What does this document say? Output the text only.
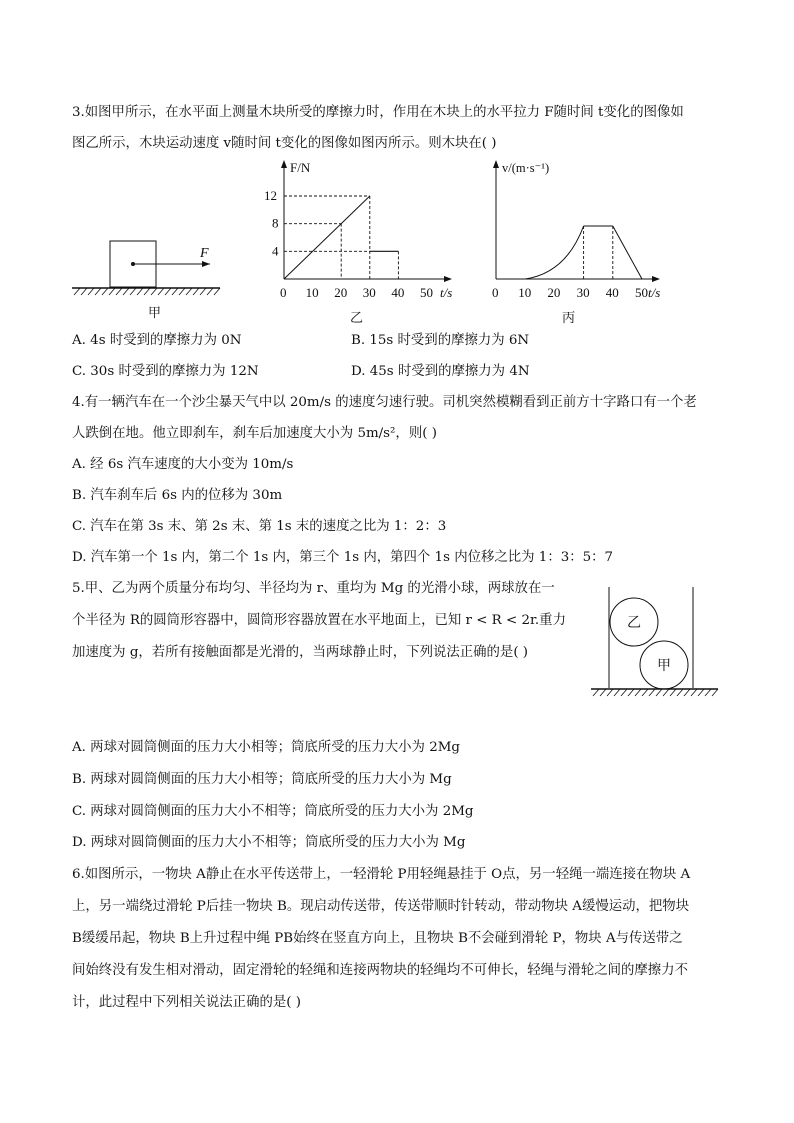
3.如图甲所示，在水平面上测量木块所受的摩擦力时，作用在木块上的水平拉力 F随时间 t变化的图像如
图乙所示，木块运动速度 v随时间 t变化的图像如图丙所示。则木块在( )
F
甲
F/N
t/s
0 10 20 30 40 50
4
8
12
乙
v/(m·s⁻¹)
t/s
0 10 20 30 40 50
丙
A. 4s 时受到的摩擦力为 0N	B. 15s 时受到的摩擦力为 6N
C. 30s 时受到的摩擦力为 12N	D. 45s 时受到的摩擦力为 4N
4.有一辆汽车在一个沙尘暴天气中以 20m/s 的速度匀速行驶。司机突然模糊看到正前方十字路口有一个老
人跌倒在地。他立即刹车，刹车后加速度大小为 5m/s²，则( )
A. 经 6s 汽车速度的大小变为 10m/s
B. 汽车刹车后 6s 内的位移为 30m
C. 汽车在第 3s 末、第 2s 末、第 1s 末的速度之比为 1：2：3
D. 汽车第一个 1s 内，第二个 1s 内，第三个 1s 内，第四个 1s 内位移之比为 1：3：5：7
5.甲、乙为两个质量分布均匀、半径均为 r、重均为 Mg 的光滑小球，两球放在一
个半径为 R的圆筒形容器中，圆筒形容器放置在水平地面上，已知 r < R < 2r.重力
加速度为 g，若所有接触面都是光滑的，当两球静止时，下列说法正确的是( )
乙
甲
A. 两球对圆筒侧面的压力大小相等；筒底所受的压力大小为 2Mg
B. 两球对圆筒侧面的压力大小相等；筒底所受的压力大小为 Mg
C. 两球对圆筒侧面的压力大小不相等；筒底所受的压力大小为 2Mg
D. 两球对圆筒侧面的压力大小不相等；筒底所受的压力大小为 Mg
6.如图所示，一物块 A静止在水平传送带上，一轻滑轮 P用轻绳悬挂于 O点，另一轻绳一端连接在物块 A
上，另一端绕过滑轮 P后挂一物块 B。现启动传送带，传送带顺时针转动，带动物块 A缓慢运动，把物块
B缓缓吊起，物块 B上升过程中绳 PB始终在竖直方向上，且物块 B不会碰到滑轮 P，物块 A与传送带之
间始终没有发生相对滑动，固定滑轮的轻绳和连接两物块的轻绳均不可伸长，轻绳与滑轮之间的摩擦力不
计，此过程中下列相关说法正确的是( )
